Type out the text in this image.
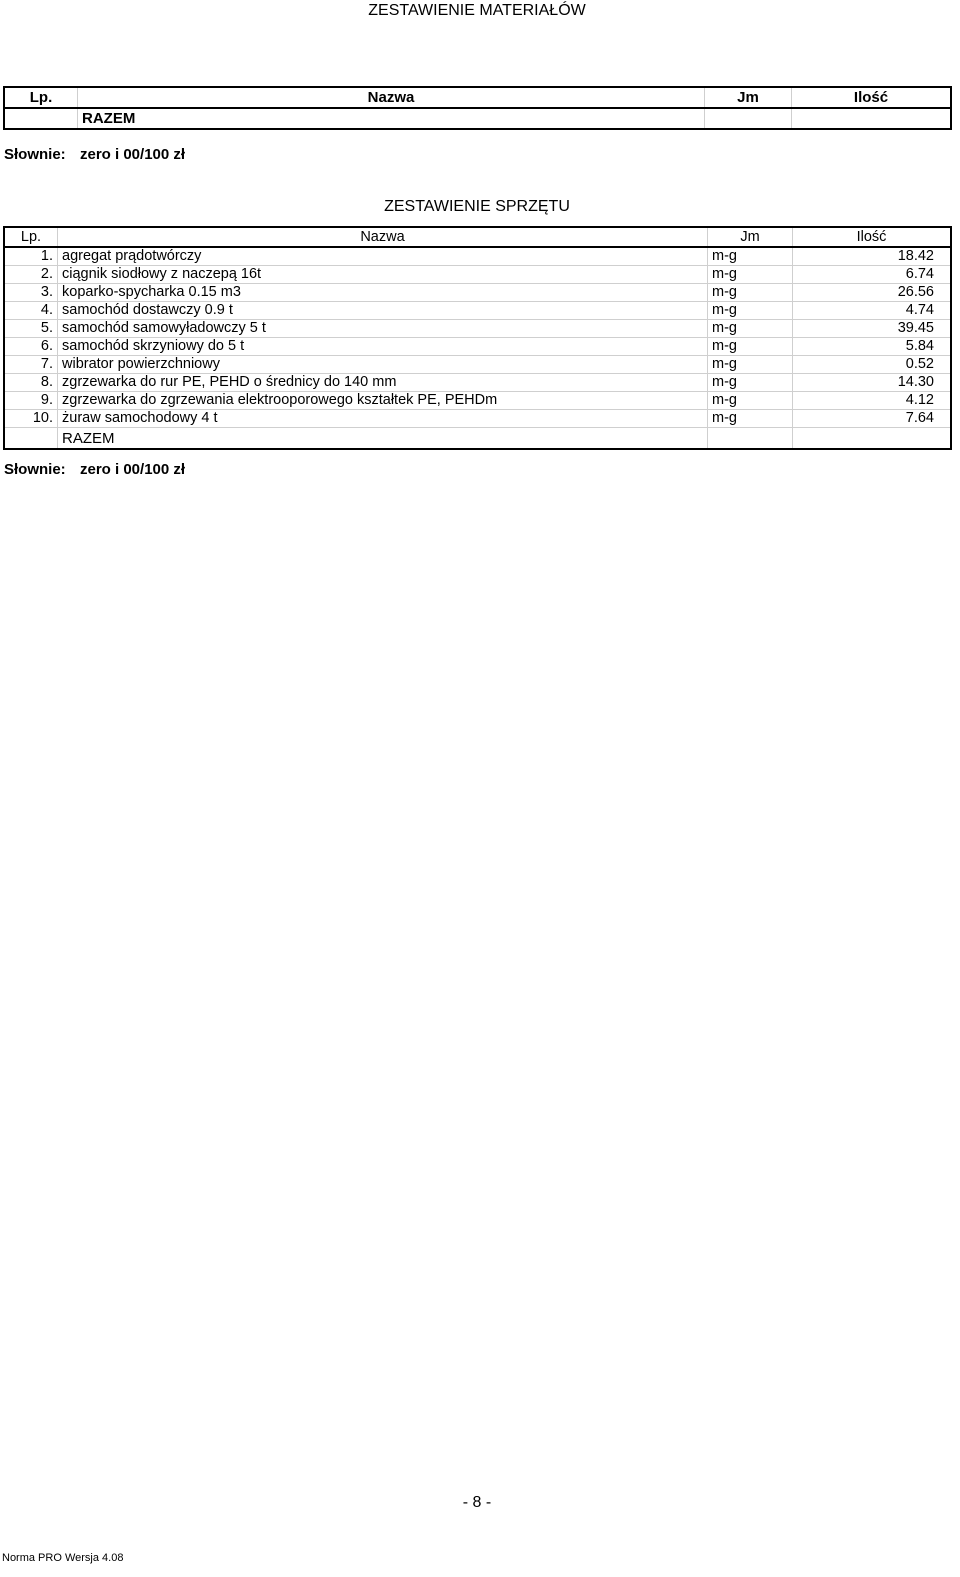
ZESTAWIENIE MATERIAŁÓW
Lp.	Nazwa	Jm	Ilość
	RAZEM		
Słownie: zero i 00/100 zł
ZESTAWIENIE SPRZĘTU
Lp.	Nazwa	Jm	Ilość
1.	agregat prądotwórczy	m-g	18.42
2.	ciągnik siodłowy z naczepą 16t	m-g	6.74
3.	koparko-spycharka 0.15 m3	m-g	26.56
4.	samochód dostawczy 0.9 t	m-g	4.74
5.	samochód samowyładowczy 5 t	m-g	39.45
6.	samochód skrzyniowy do 5 t	m-g	5.84
7.	wibrator powierzchniowy	m-g	0.52
8.	zgrzewarka do rur PE, PEHD o średnicy do 140 mm	m-g	14.30
9.	zgrzewarka do zgrzewania elektrooporowego kształtek PE, PEHDm	m-g	4.12
10.	żuraw samochodowy 4 t	m-g	7.64
	RAZEM		
Słownie: zero i 00/100 zł
- 8 -
Norma PRO Wersja 4.08
